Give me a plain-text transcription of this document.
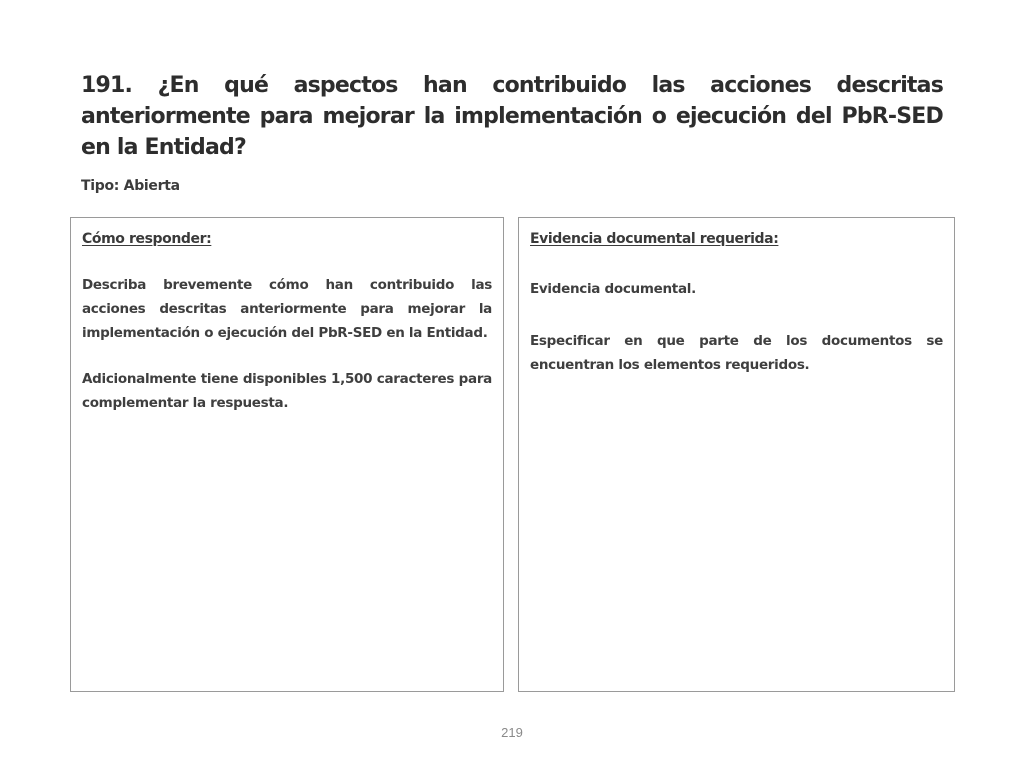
191. ¿En qué aspectos han contribuido las acciones descritas anteriormente para mejorar la implementación o ejecución del PbR-SED en la Entidad?
Tipo: Abierta

Cómo responder:

Describa brevemente cómo han contribuido las acciones descritas anteriormente para mejorar la implementación o ejecución del PbR-SED en la Entidad.

Adicionalmente tiene disponibles 1,500 caracteres para complementar la respuesta.

Evidencia documental requerida:

Evidencia documental.

Especificar en que parte de los documentos se encuentran los elementos requeridos.

219
